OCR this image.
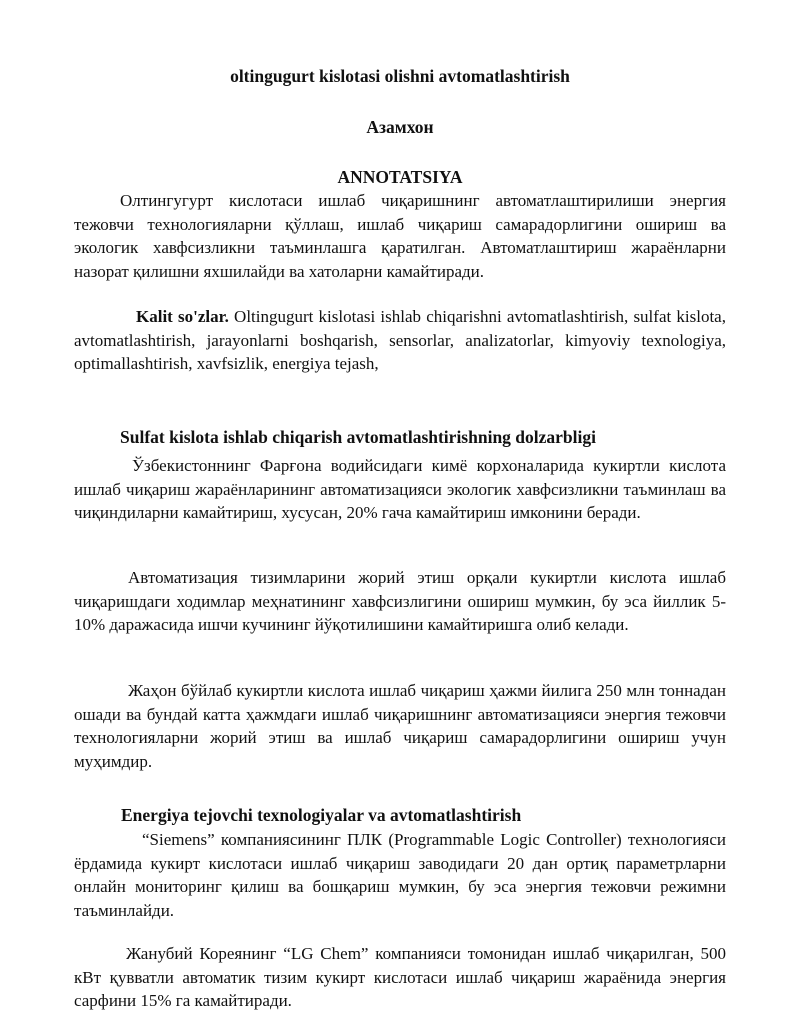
oltingugurt kislotasi olishni avtomatlashtirish
Азамхон
ANNOTATSIYA

Олтингугурт кислотаси ишлаб чиқаришнинг автоматлаштирилиши энергия тежовчи технологияларни қўллаш, ишлаб чиқариш самарадорлигини ошириш ва экологик хавфсизликни таъминлашга қаратилган. Автоматлаштириш жараёнларни назорат қилишни яхшилайди ва хатоларни камайтиради.

Kalit so'zlar. Oltingugurt kislotasi ishlab chiqarishni avtomatlashtirish, sulfat kislota, avtomatlashtirish, jarayonlarni boshqarish, sensorlar, analizatorlar, kimyoviy texnologiya, optimallashtirish, xavfsizlik, energiya tejash,

Sulfat kislota ishlab chiqarish avtomatlashtirishning dolzarbligi

Ўзбекистоннинг Фарғона водийсидаги кимё корхоналарида кукиртли кислота ишлаб чиқариш жараёнларининг автоматизацияси экологик хавфсизликни таъминлаш ва чиқиндиларни камайтириш, хусусан, 20% гача камайтириш имконини беради.

Автоматизация тизимларини жорий этиш орқали кукиртли кислота ишлаб чиқаришдаги ходимлар меҳнатининг хавфсизлигини ошириш мумкин, бу эса йиллик 5-10% даражасида ишчи кучининг йўқотилишини камайтиришга олиб келади.

Жаҳон бўйлаб кукиртли кислота ишлаб чиқариш ҳажми йилига 250 млн тоннадан ошади ва бундай катта ҳажмдаги ишлаб чиқаришнинг автоматизацияси энергия тежовчи технологияларни жорий этиш ва ишлаб чиқариш самарадорлигини ошириш учун муҳимдир.

Energiya tejovchi texnologiyalar va avtomatlashtirish

“Siemens” компаниясининг ПЛК (Programmable Logic Controller) технологияси ёрдамида кукирт кислотаси ишлаб чиқариш заводидаги 20 дан ортиқ параметрларни онлайн мониторинг қилиш ва бошқариш мумкин, бу эса энергия тежовчи режимни таъминлайди.

Жанубий Кореянинг “LG Chem” компанияси томонидан ишлаб чиқарилган, 500 кВт қувватли автоматик тизим кукирт кислотаси ишлаб чиқариш жараёнида энергия сарфини 15% га камайтиради.
